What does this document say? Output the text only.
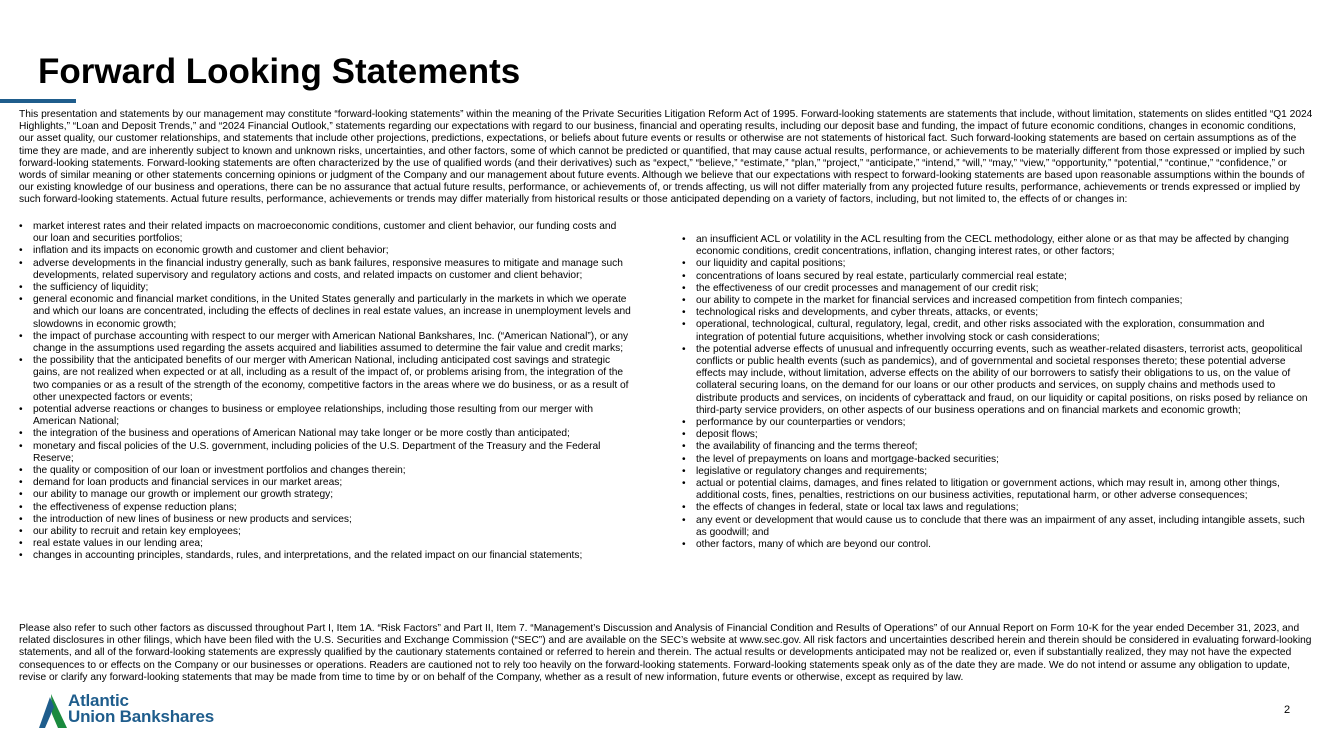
Forward Looking Statements

This presentation and statements by our management may constitute “forward-looking statements” within the meaning of the Private Securities Litigation Reform Act of 1995. Forward-looking statements are statements that include, without limitation, statements on slides entitled “Q1 2024 Highlights,” “Loan and Deposit Trends,” and “2024 Financial Outlook,” statements regarding our expectations with regard to our business, financial and operating results, including our deposit base and funding, the impact of future economic conditions, changes in economic conditions, our asset quality, our customer relationships, and statements that include other projections, predictions, expectations, or beliefs about future events or results or otherwise are not statements of historical fact. Such forward-looking statements are based on certain assumptions as of the time they are made, and are inherently subject to known and unknown risks, uncertainties, and other factors, some of which cannot be predicted or quantified, that may cause actual results, performance, or achievements to be materially different from those expressed or implied by such forward-looking statements. Forward-looking statements are often characterized by the use of qualified words (and their derivatives) such as “expect,” “believe,” “estimate,” “plan,” “project,” “anticipate,” “intend,” “will,” “may,” “view,” “opportunity,” “potential,” “continue,” “confidence,” or words of similar meaning or other statements concerning opinions or judgment of the Company and our management about future events. Although we believe that our expectations with respect to forward-looking statements are based upon reasonable assumptions within the bounds of our existing knowledge of our business and operations, there can be no assurance that actual future results, performance, or achievements of, or trends affecting, us will not differ materially from any projected future results, performance, achievements or trends expressed or implied by such forward-looking statements. Actual future results, performance, achievements or trends may differ materially from historical results or those anticipated depending on a variety of factors, including, but not limited to, the effects of or changes in:

• market interest rates and their related impacts on macroeconomic conditions, customer and client behavior, our funding costs and our loan and securities portfolios;
• inflation and its impacts on economic growth and customer and client behavior;
• adverse developments in the financial industry generally, such as bank failures, responsive measures to mitigate and manage such developments, related supervisory and regulatory actions and costs, and related impacts on customer and client behavior;
• the sufficiency of liquidity;
• general economic and financial market conditions, in the United States generally and particularly in the markets in which we operate and which our loans are concentrated, including the effects of declines in real estate values, an increase in unemployment levels and slowdowns in economic growth;
• the impact of purchase accounting with respect to our merger with American National Bankshares, Inc. (“American National”), or any change in the assumptions used regarding the assets acquired and liabilities assumed to determine the fair value and credit marks;
• the possibility that the anticipated benefits of our merger with American National, including anticipated cost savings and strategic gains, are not realized when expected or at all, including as a result of the impact of, or problems arising from, the integration of the two companies or as a result of the strength of the economy, competitive factors in the areas where we do business, or as a result of other unexpected factors or events;
• potential adverse reactions or changes to business or employee relationships, including those resulting from our merger with American National;
• the integration of the business and operations of American National may take longer or be more costly than anticipated;
• monetary and fiscal policies of the U.S. government, including policies of the U.S. Department of the Treasury and the Federal Reserve;
• the quality or composition of our loan or investment portfolios and changes therein;
• demand for loan products and financial services in our market areas;
• our ability to manage our growth or implement our growth strategy;
• the effectiveness of expense reduction plans;
• the introduction of new lines of business or new products and services;
• our ability to recruit and retain key employees;
• real estate values in our lending area;
• changes in accounting principles, standards, rules, and interpretations, and the related impact on our financial statements;
• an insufficient ACL or volatility in the ACL resulting from the CECL methodology, either alone or as that may be affected by changing economic conditions, credit concentrations, inflation, changing interest rates, or other factors;
• our liquidity and capital positions;
• concentrations of loans secured by real estate, particularly commercial real estate;
• the effectiveness of our credit processes and management of our credit risk;
• our ability to compete in the market for financial services and increased competition from fintech companies;
• technological risks and developments, and cyber threats, attacks, or events;
• operational, technological, cultural, regulatory, legal, credit, and other risks associated with the exploration, consummation and integration of potential future acquisitions, whether involving stock or cash considerations;
• the potential adverse effects of unusual and infrequently occurring events, such as weather-related disasters, terrorist acts, geopolitical conflicts or public health events (such as pandemics), and of governmental and societal responses thereto; these potential adverse effects may include, without limitation, adverse effects on the ability of our borrowers to satisfy their obligations to us, on the value of collateral securing loans, on the demand for our loans or our other products and services, on supply chains and methods used to distribute products and services, on incidents of cyberattack and fraud, on our liquidity or capital positions, on risks posed by reliance on third-party service providers, on other aspects of our business operations and on financial markets and economic growth;
• performance by our counterparties or vendors;
• deposit flows;
• the availability of financing and the terms thereof;
• the level of prepayments on loans and mortgage-backed securities;
• legislative or regulatory changes and requirements;
• actual or potential claims, damages, and fines related to litigation or government actions, which may result in, among other things, additional costs, fines, penalties, restrictions on our business activities, reputational harm, or other adverse consequences;
• the effects of changes in federal, state or local tax laws and regulations;
• any event or development that would cause us to conclude that there was an impairment of any asset, including intangible assets, such as goodwill; and
• other factors, many of which are beyond our control.

Please also refer to such other factors as discussed throughout Part I, Item 1A. “Risk Factors” and Part II, Item 7. “Management’s Discussion and Analysis of Financial Condition and Results of Operations” of our Annual Report on Form 10-K for the year ended December 31, 2023, and related disclosures in other filings, which have been filed with the U.S. Securities and Exchange Commission (“SEC”) and are available on the SEC’s website at www.sec.gov. All risk factors and uncertainties described herein and therein should be considered in evaluating forward-looking statements, and all of the forward-looking statements are expressly qualified by the cautionary statements contained or referred to herein and therein. The actual results or developments anticipated may not be realized or, even if substantially realized, they may not have the expected consequences to or effects on the Company or our businesses or operations. Readers are cautioned not to rely too heavily on the forward-looking statements. Forward-looking statements speak only as of the date they are made. We do not intend or assume any obligation to update, revise or clarify any forward-looking statements that may be made from time to time by or on behalf of the Company, whether as a result of new information, future events or otherwise, except as required by law.

Atlantic
Union Bankshares	2
